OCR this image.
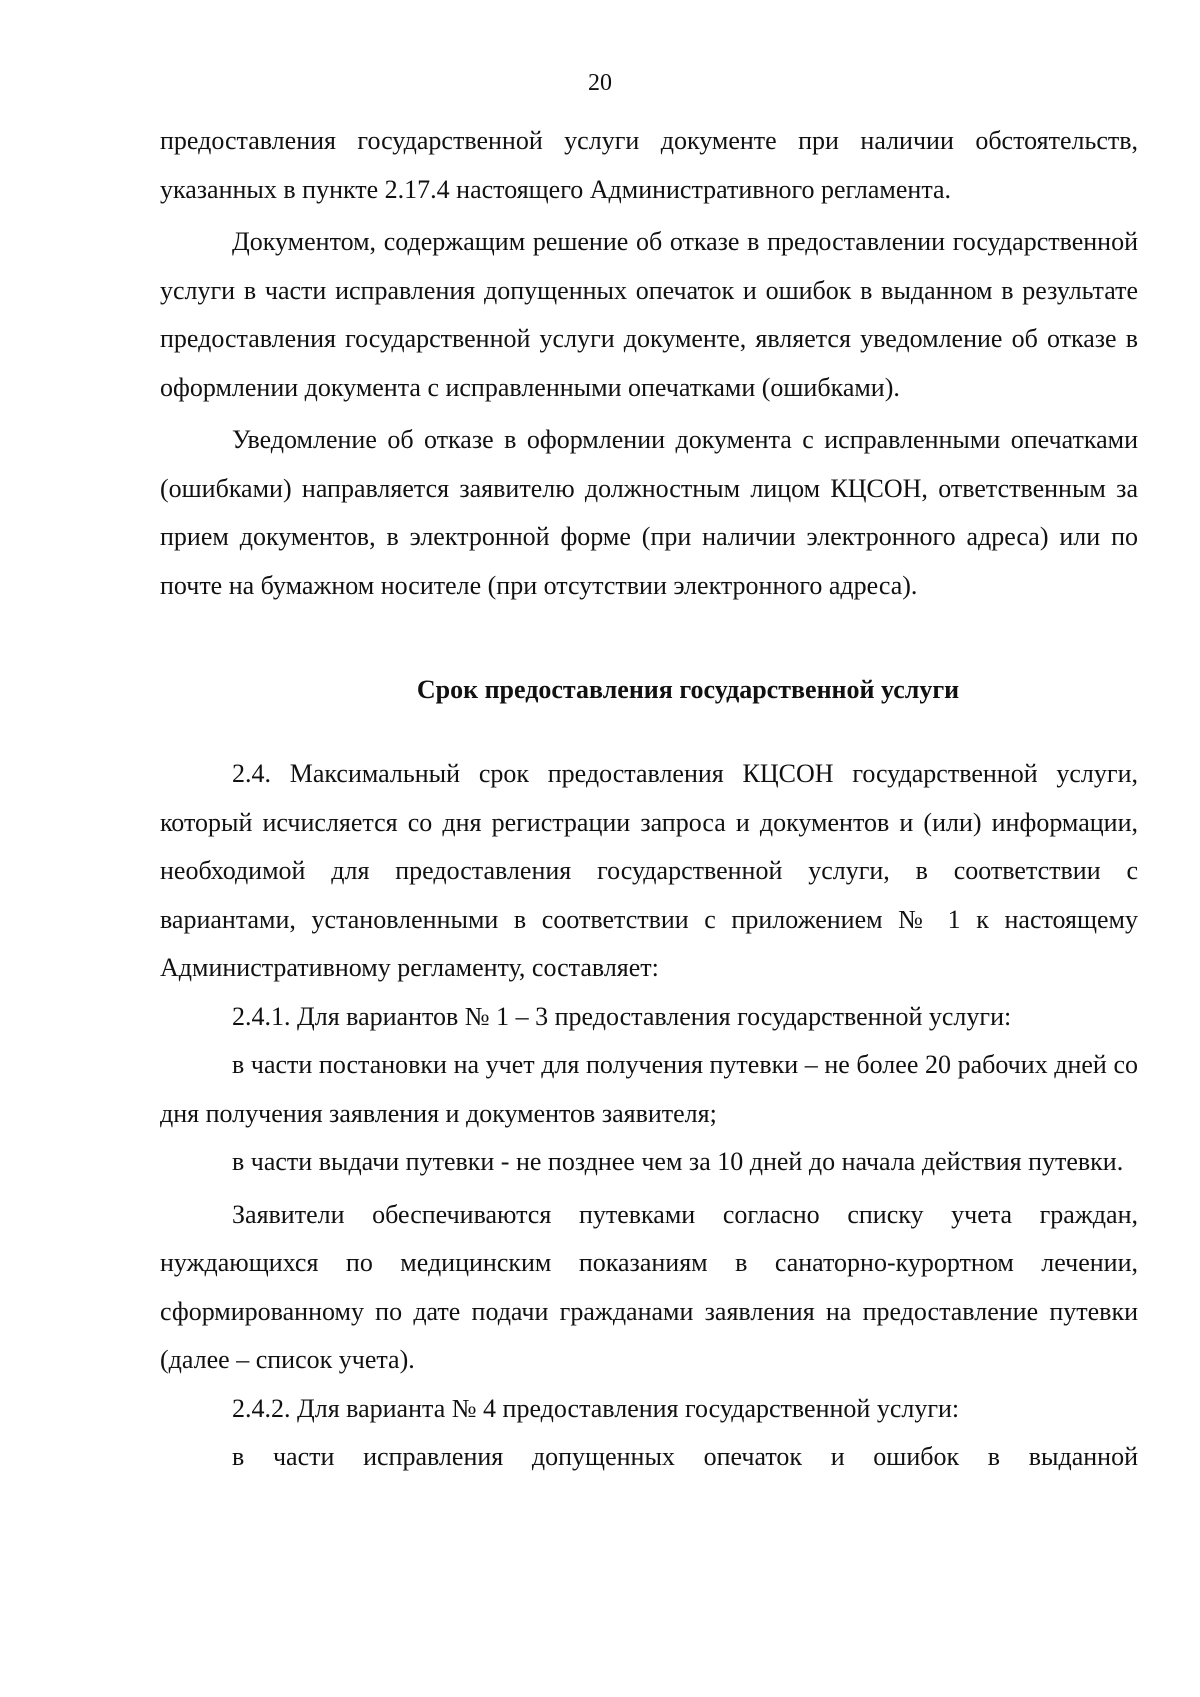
20

предоставления государственной услуги документе при наличии обстоятельств, указанных в пункте 2.17.4 настоящего Административного регламента.

Документом, содержащим решение об отказе в предоставлении государственной услуги в части исправления допущенных опечаток и ошибок в выданном в результате предоставления государственной услуги документе, является уведомление об отказе в оформлении документа с исправленными опечатками (ошибками).

Уведомление об отказе в оформлении документа с исправленными опечатками (ошибками) направляется заявителю должностным лицом КЦСОН, ответственным за прием документов, в электронной форме (при наличии электронного адреса) или по почте на бумажном носителе (при отсутствии электронного адреса).

Срок предоставления государственной услуги

2.4. Максимальный срок предоставления КЦСОН государственной услуги, который исчисляется со дня регистрации запроса и документов и (или) информации, необходимой для предоставления государственной услуги, в соответствии с вариантами, установленными в соответствии с приложением № 1 к настоящему Административному регламенту, составляет:

2.4.1. Для вариантов № 1 – 3 предоставления государственной услуги:

в части постановки на учет для получения путевки – не более 20 рабочих дней со дня получения заявления и документов заявителя;

в части выдачи путевки - не позднее чем за 10 дней до начала действия путевки.

Заявители обеспечиваются путевками согласно списку учета граждан, нуждающихся по медицинским показаниям в санаторно-курортном лечении, сформированному по дате подачи гражданами заявления на предоставление путевки (далее – список учета).

2.4.2. Для варианта № 4 предоставления государственной услуги:

в части исправления допущенных опечаток и ошибок в выданной
